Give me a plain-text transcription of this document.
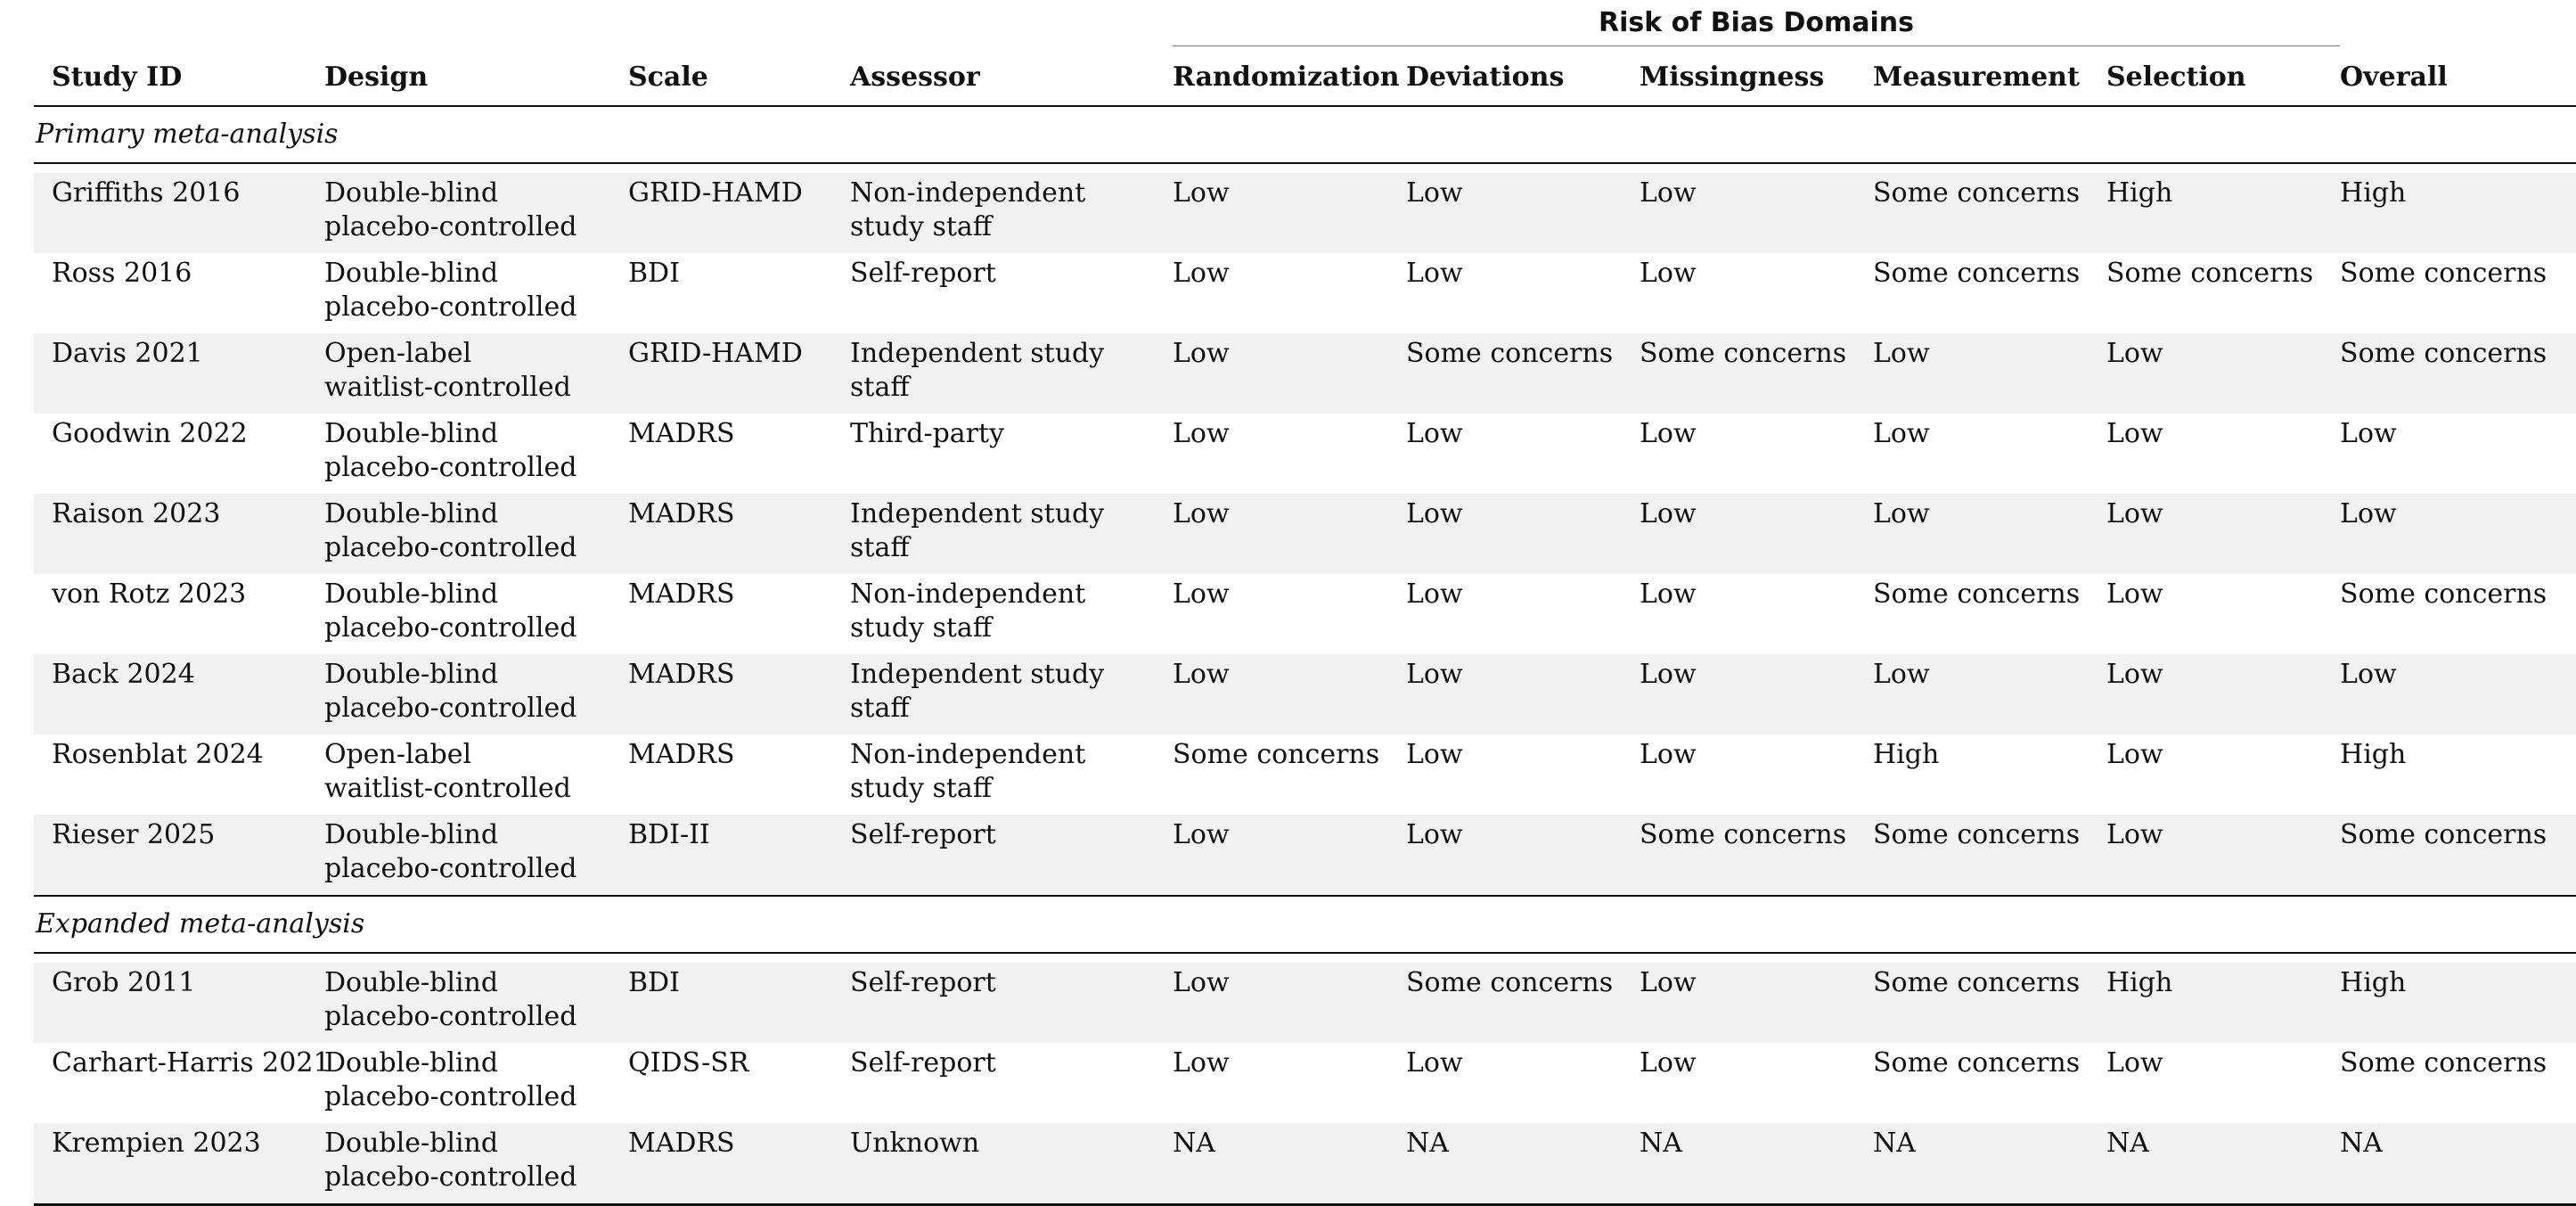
				Risk of Bias Domains				

Study ID	Design	Scale	Assessor	Randomization	Deviations	Missingness	Measurement	Selection	Overall
Primary meta-analysis									

Griffiths 2016	Double-blind
placebo-controlled	GRID-HAMD	Non-independent
study staff	Low	Low	Low	Some concerns	High	High
Ross 2016	Double-blind
placebo-controlled	BDI	Self-report	Low	Low	Low	Some concerns	Some concerns	Some concerns
Davis 2021	Open-label
waitlist-controlled	GRID-HAMD	Independent study
staff	Low	Some concerns	Some concerns	Low	Low	Some concerns
Goodwin 2022	Double-blind
placebo-controlled	MADRS	Third-party	Low	Low	Low	Low	Low	Low
Raison 2023	Double-blind
placebo-controlled	MADRS	Independent study
staff	Low	Low	Low	Low	Low	Low
von Rotz 2023	Double-blind
placebo-controlled	MADRS	Non-independent
study staff	Low	Low	Low	Some concerns	Low	Some concerns
Back 2024	Double-blind
placebo-controlled	MADRS	Independent study
staff	Low	Low	Low	Low	Low	Low
Rosenblat 2024	Open-label
waitlist-controlled	MADRS	Non-independent
study staff	Some concerns	Low	Low	High	Low	High
Rieser 2025	Double-blind
placebo-controlled	BDI-II	Self-report	Low	Low	Some concerns	Some concerns	Low	Some concerns
Expanded meta-analysis									

Grob 2011	Double-blind
placebo-controlled	BDI	Self-report	Low	Some concerns	Low	Some concerns	High	High
Carhart-Harris 2021	Double-blind
placebo-controlled	QIDS-SR	Self-report	Low	Low	Low	Some concerns	Low	Some concerns
Krempien 2023	Double-blind
placebo-controlled	MADRS	Unknown	NA	NA	NA	NA	NA	NA
